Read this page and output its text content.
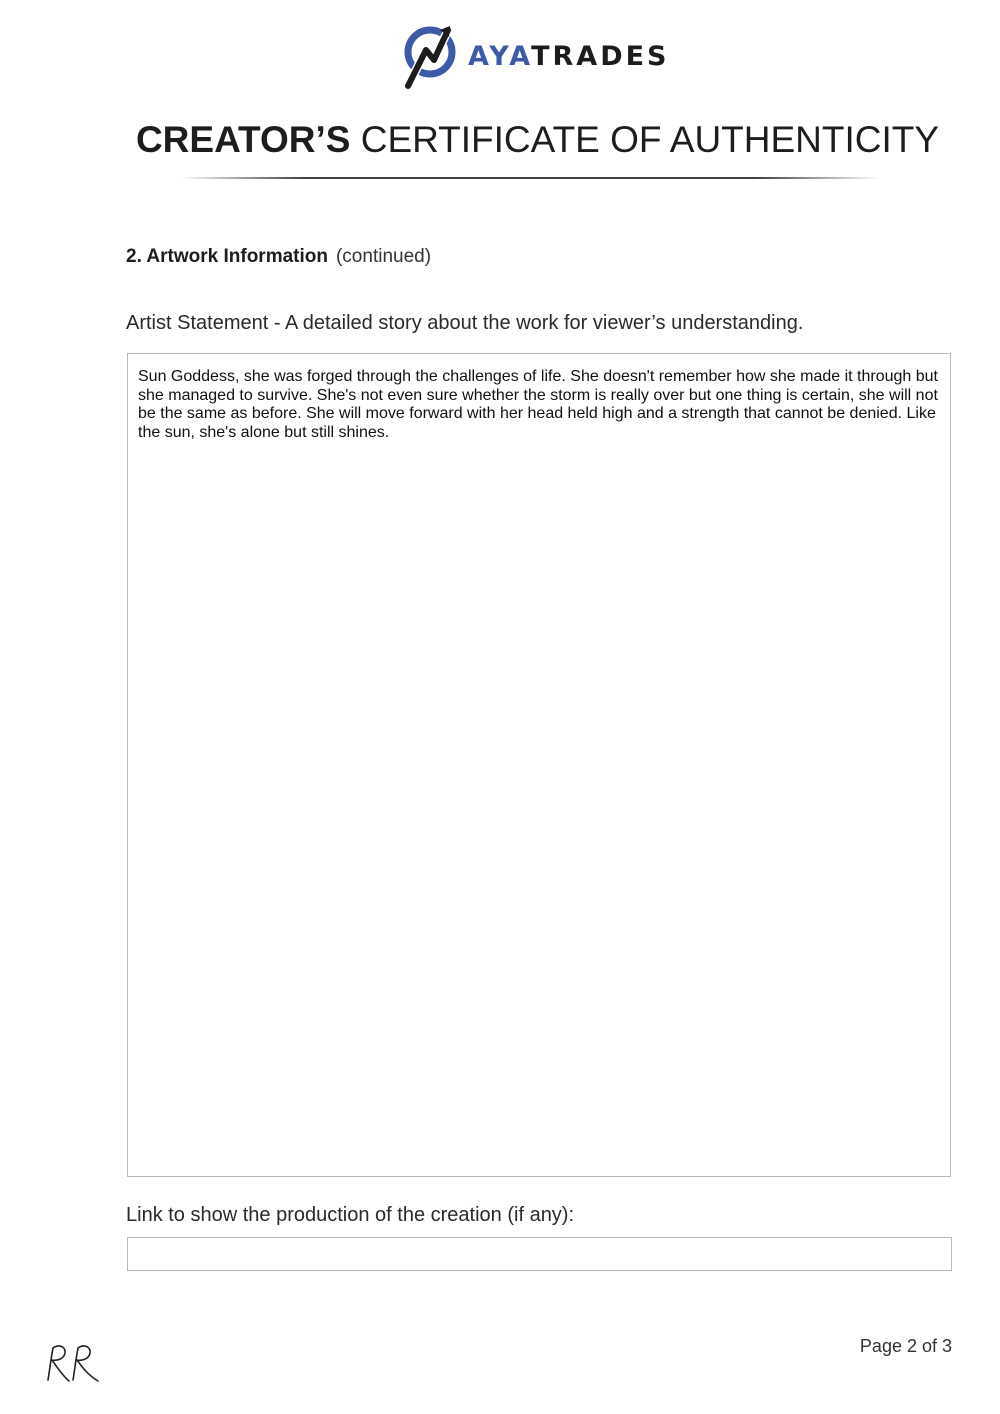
AYATRADES
CREATOR’S CERTIFICATE OF AUTHENTICITY
2. Artwork Information (continued)
Artist Statement - A detailed story about the work for viewer’s understanding.

Sun Goddess, she was forged through the challenges of life. She doesn't remember how she made it through but she managed to survive. She's not even sure whether the storm is really over but one thing is certain, she will not be the same as before. She will move forward with her head held high and a strength that cannot be denied. Like the sun, she's alone but still shines.

Link to show the production of the creation (if any):
Page 2 of 3
